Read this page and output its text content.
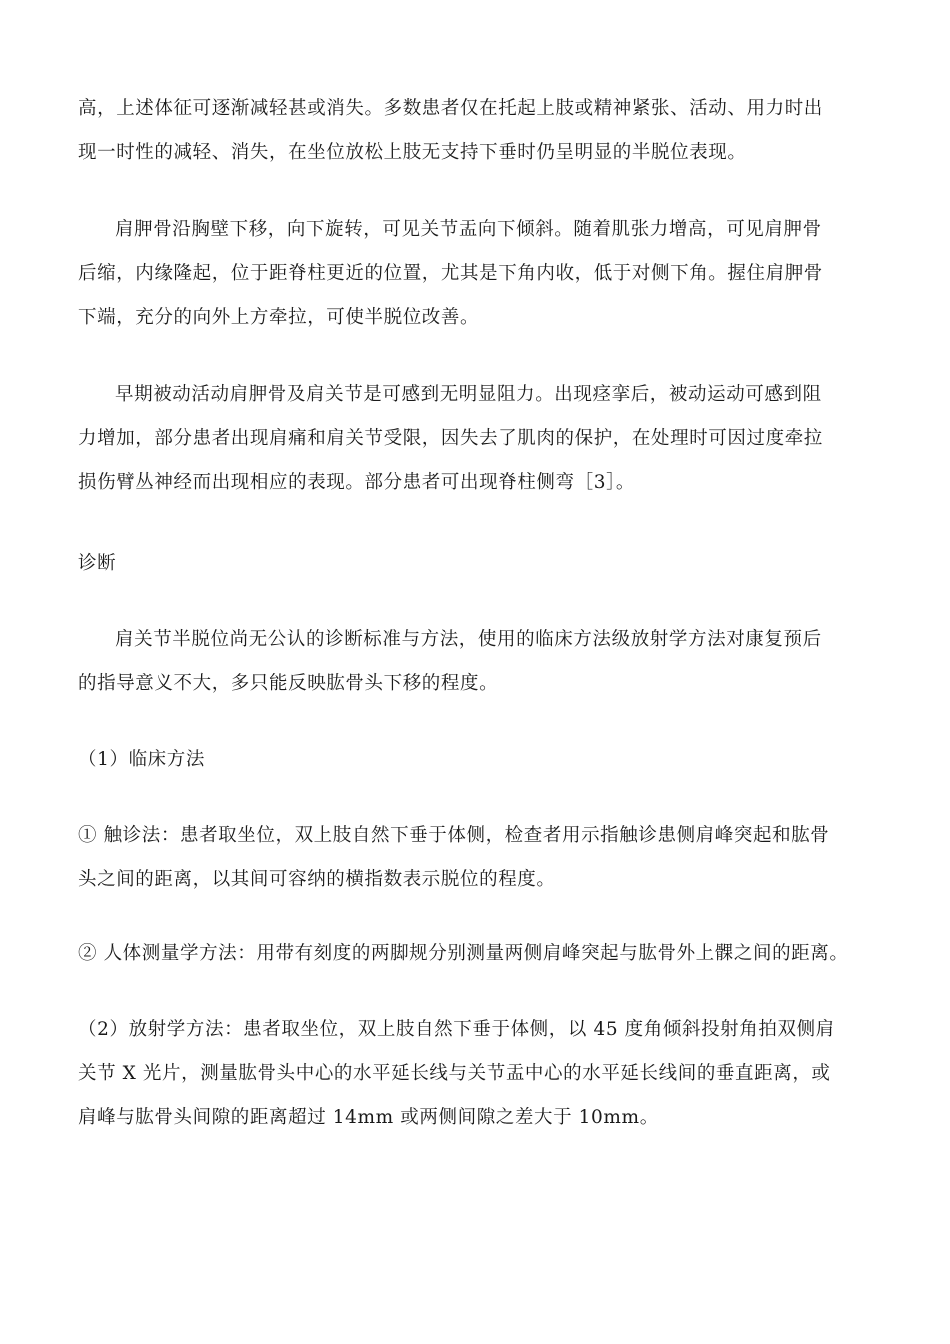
高，上述体征可逐渐减轻甚或消失。多数患者仅在托起上肢或精神紧张、活动、用力时出
现一时性的减轻、消失，在坐位放松上肢无支持下垂时仍呈明显的半脱位表现。

肩胛骨沿胸壁下移，向下旋转，可见关节盂向下倾斜。随着肌张力增高，可见肩胛骨
后缩，内缘隆起，位于距脊柱更近的位置，尤其是下角内收，低于对侧下角。握住肩胛骨
下端，充分的向外上方牵拉，可使半脱位改善。

早期被动活动肩胛骨及肩关节是可感到无明显阻力。出现痉挛后，被动运动可感到阻
力增加，部分患者出现肩痛和肩关节受限，因失去了肌肉的保护，在处理时可因过度牵拉
损伤臂丛神经而出现相应的表现。部分患者可出现脊柱侧弯［3］。

诊断

肩关节半脱位尚无公认的诊断标准与方法，使用的临床方法级放射学方法对康复预后
的指导意义不大，多只能反映肱骨头下移的程度。

（1）临床方法

① 触诊法：患者取坐位，双上肢自然下垂于体侧，检查者用示指触诊患侧肩峰突起和肱骨
头之间的距离，以其间可容纳的横指数表示脱位的程度。

② 人体测量学方法：用带有刻度的两脚规分别测量两侧肩峰突起与肱骨外上髁之间的距离。

（2）放射学方法：患者取坐位，双上肢自然下垂于体侧，以 45 度角倾斜投射角拍双侧肩
关节 X 光片，测量肱骨头中心的水平延长线与关节盂中心的水平延长线间的垂直距离，或
肩峰与肱骨头间隙的距离超过 14mm 或两侧间隙之差大于 10mm。
